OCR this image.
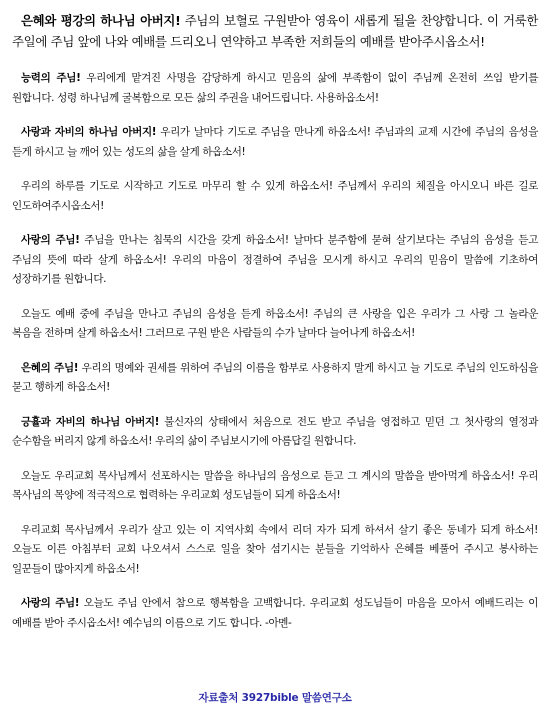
은혜와 평강의 하나님 아버지! 주님의 보혈로 구원받아 영육이 새롭게 될을 찬양합니다. 이 거룩한 주일에 주님 앞에 나와 예배를 드리오니 연약하고 부족한 저희들의 예배를 받아주시옵소서!

능력의 주님! 우리에게 맡겨진 사명을 감당하게 하시고 믿음의 삶에 부족함이 없이 주님께 온전히 쓰임 받기를 원합니다. 성령 하나님께 굴복함으로 모든 삶의 주권을 내어드립니다. 사용하옵소서!

사랑과 자비의 하나님 아버지! 우리가 날마다 기도로 주님을 만나게 하옵소서! 주님과의 교제 시간에 주님의 음성을 듣게 하시고 늘 깨어 있는 성도의 삶을 살게 하옵소서!

우리의 하루를 기도로 시작하고 기도로 마무리 할 수 있게 하옵소서! 주님께서 우리의 체질을 아시오니 바른 길로 인도하여주시옵소서!

사랑의 주님! 주님을 만나는 침묵의 시간을 갖게 하옵소서! 날마다 분주함에 묻혀 살기보다는 주님의 음성을 듣고 주님의 뜻에 따라 살게 하옵소서! 우리의 마음이 정결하여 주님을 모시게 하시고 우리의 믿음이 말씀에 기초하여 성장하기를 원합니다.

오늘도 예배 중에 주님을 만나고 주님의 음성을 듣게 하옵소서! 주님의 큰 사랑을 입은 우리가 그 사랑 그 놀라운 복음을 전하며 살게 하옵소서! 그러므로 구원 받은 사람들의 수가 날마다 늘어나게 하옵소서!

은혜의 주님! 우리의 명예와 권세를 위하여 주님의 이름을 함부로 사용하지 말게 하시고 늘 기도로 주님의 인도하심을 묻고 행하게 하옵소서!

긍휼과 자비의 하나님 아버지! 불신자의 상태에서 처음으로 전도 받고 주님을 영접하고 믿던 그 첫사랑의 열정과 순수함을 버리지 않게 하옵소서! 우리의 삶이 주님보시기에 아름답길 원합니다.

오늘도 우리교회 목사님께서 선포하시는 말씀을 하나님의 음성으로 듣고 그 계시의 말씀을 받아먹게 하옵소서! 우리 목사님의 목양에 적극적으로 협력하는 우리교회 성도님들이 되게 하옵소서!

우리교회 목사님께서 우리가 살고 있는 이 지역사회 속에서 리더 자가 되게 하셔서 살기 좋은 동네가 되게 하소서! 오늘도 이른 아침부터 교회 나오셔서 스스로 일을 찾아 섬기시는 분들을 기억하사 은혜를 베풀어 주시고 봉사하는 일꾼들이 많아지게 하옵소서!

사랑의 주님! 오늘도 주님 안에서 참으로 행복함을 고백합니다. 우리교회 성도님들이 마음을 모아서 예배드리는 이 예배를 받아 주시옵소서! 예수님의 이름으로 기도 합니다. -아멘-

자료출처 3927bible 말씀연구소
